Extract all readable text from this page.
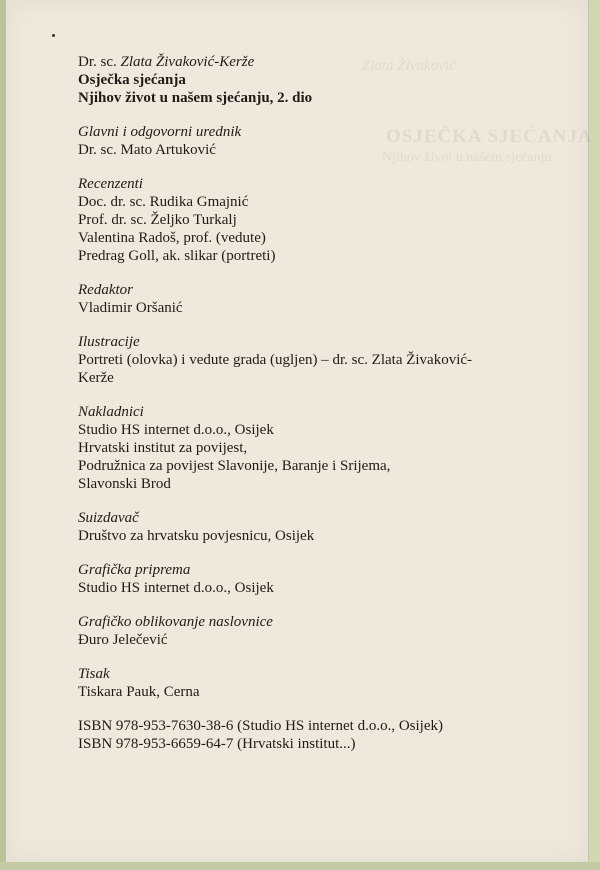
Zlata Živaković
OSJEČKA SJEĆANJA
Njihov život u našem sjećanju
Dr. sc. Zlata Živaković-Kerže
Osječka sjećanja
Njihov život u našem sjećanju, 2. dio
Glavni i odgovorni urednik
Dr. sc. Mato Artuković
Recenzenti
Doc. dr. sc. Rudika Gmajnić
Prof. dr. sc. Željko Turkalj
Valentina Radoš, prof. (vedute)
Predrag Goll, ak. slikar (portreti)
Redaktor
Vladimir Oršanić
Ilustracije
Portreti (olovka) i vedute grada (ugljen) – dr. sc. Zlata Živaković-
Kerže
Nakladnici
Studio HS internet d.o.o., Osijek
Hrvatski institut za povijest,
Podružnica za povijest Slavonije, Baranje i Srijema,
Slavonski Brod
Suizdavač
Društvo za hrvatsku povjesnicu, Osijek
Grafička priprema
Studio HS internet d.o.o., Osijek
Grafičko oblikovanje naslovnice
Đuro Jelečević
Tisak
Tiskara Pauk, Cerna
ISBN 978-953-7630-38-6 (Studio HS internet d.o.o., Osijek)
ISBN 978-953-6659-64-7 (Hrvatski institut...)
